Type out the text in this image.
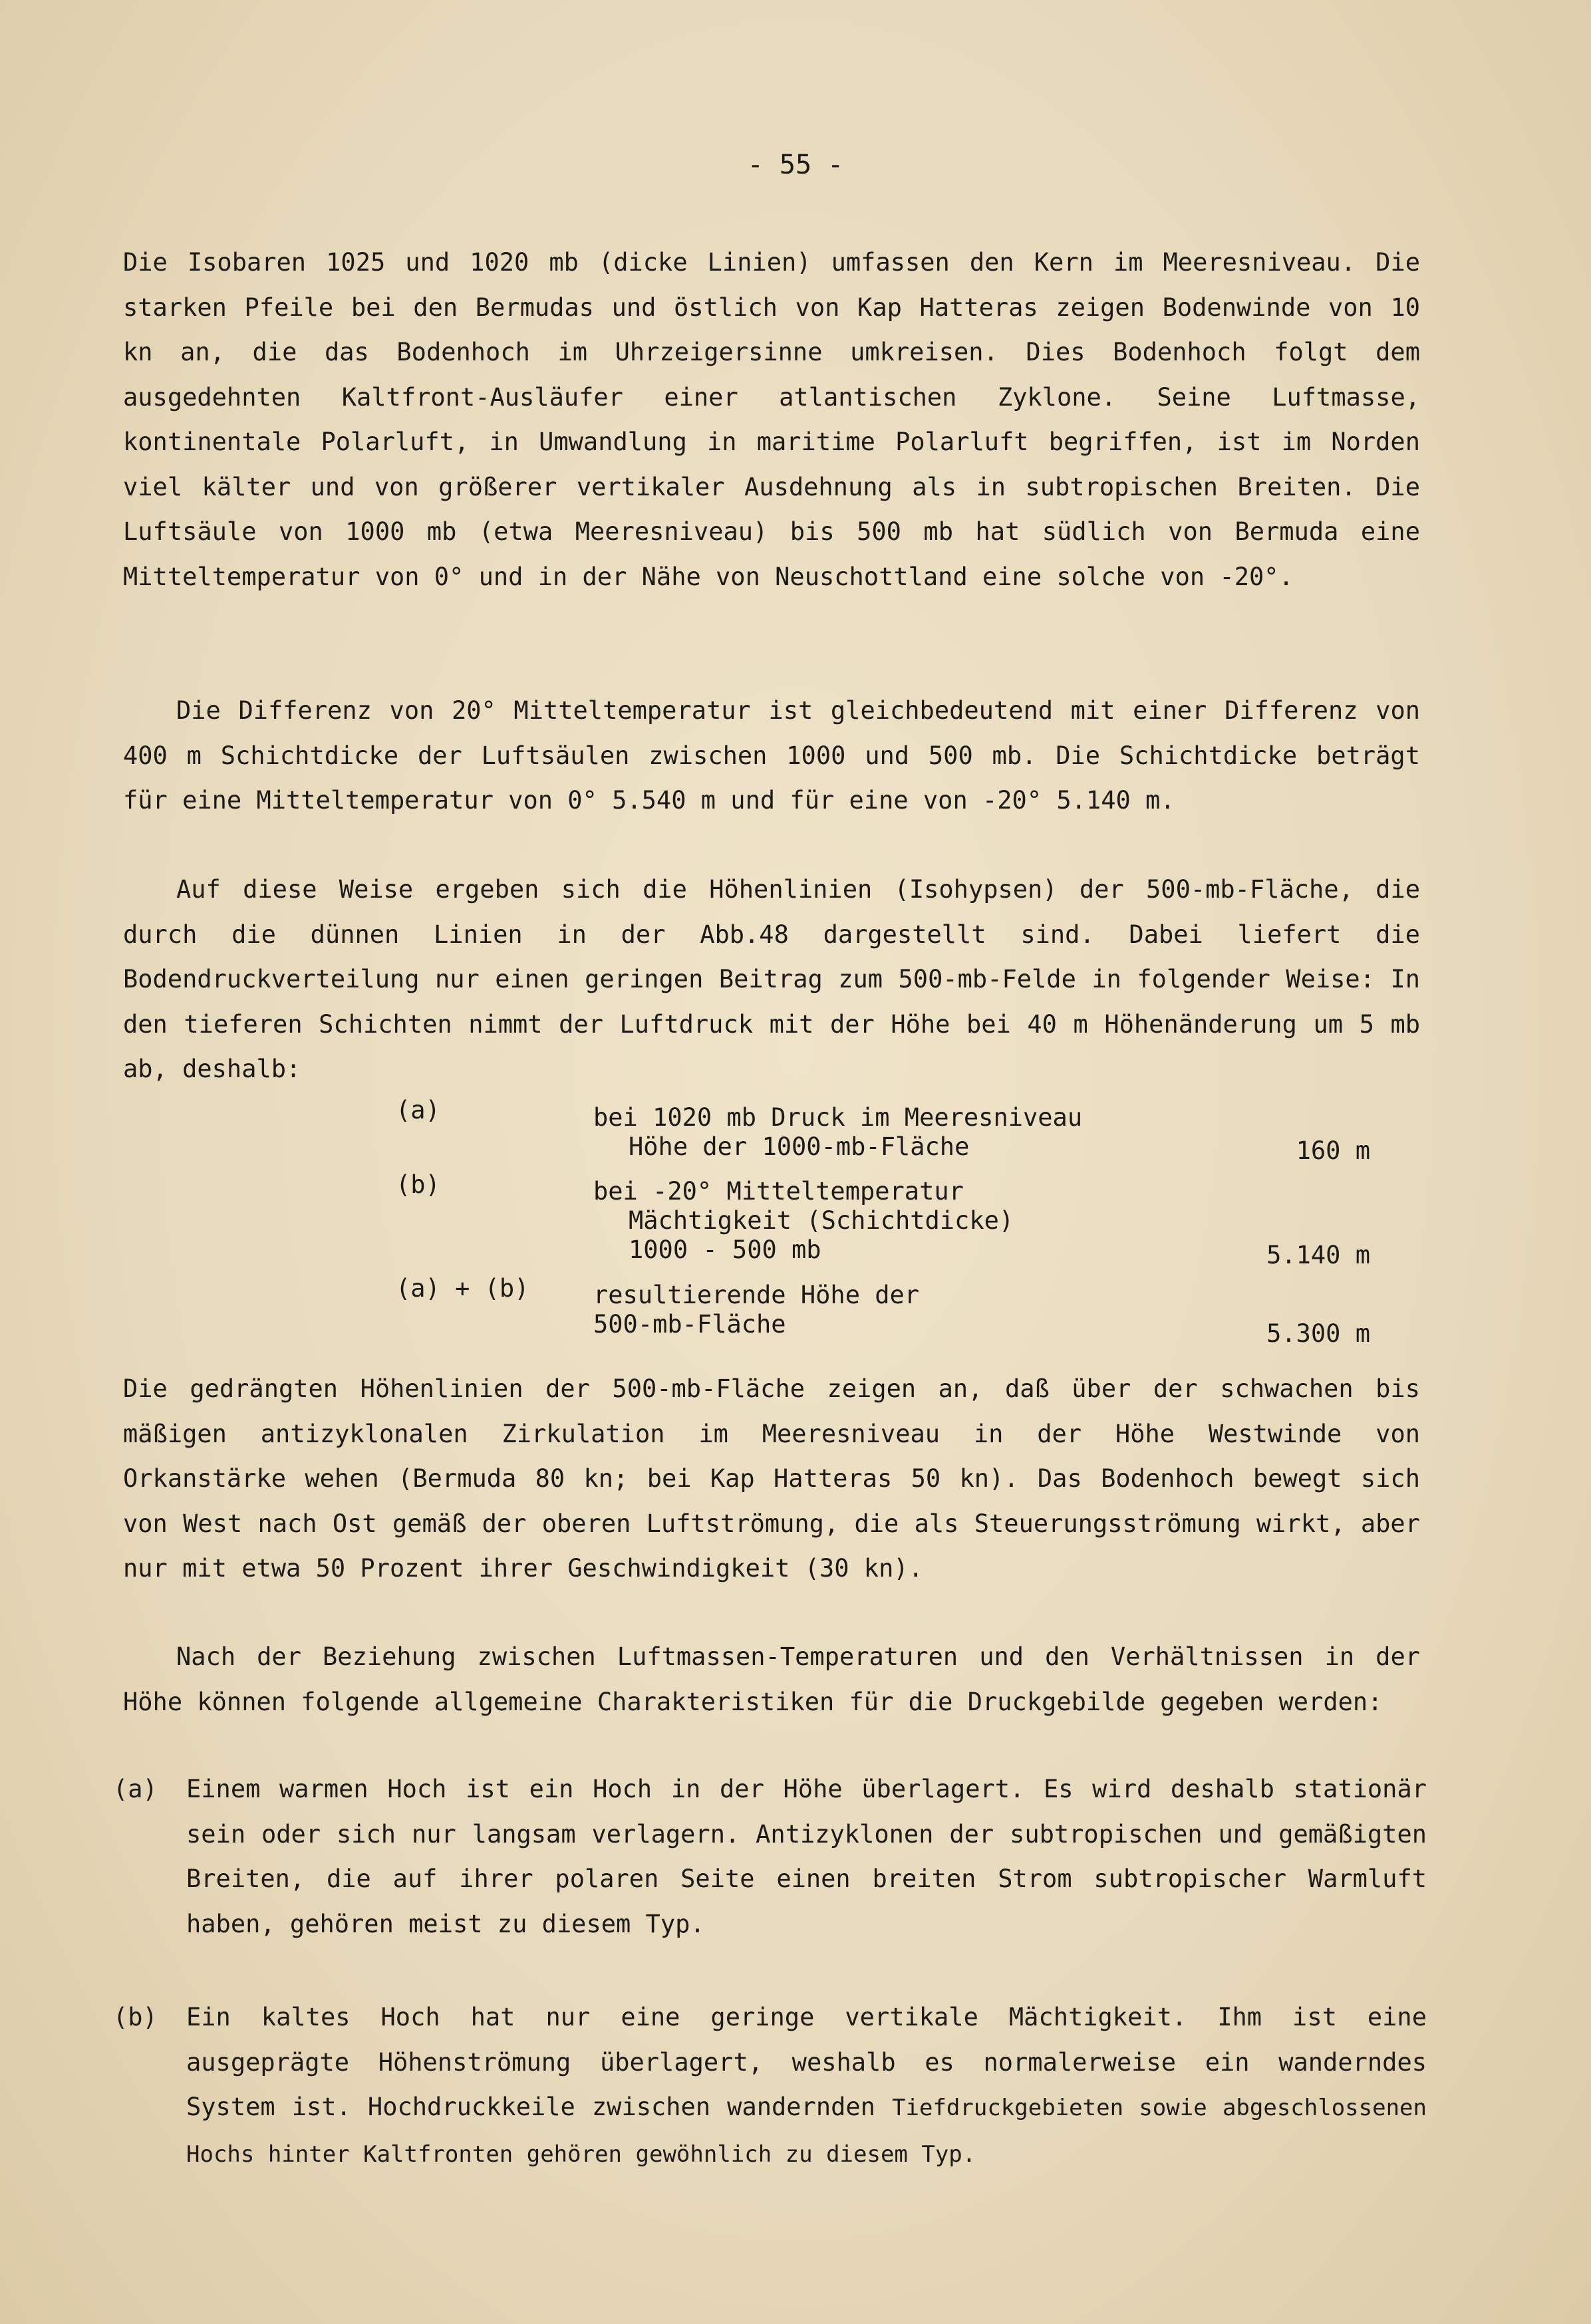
- 55 -
Die Isobaren 1025 und 1020 mb (dicke Linien) umfassen den Kern im Meeresniveau. Die starken Pfeile bei den Bermudas und östlich von Kap Hatteras zeigen Bodenwinde von 10 kn an, die das Bodenhoch im Uhrzeigersinne umkreisen. Dies Bodenhoch folgt dem ausgedehnten Kaltfront-Ausläufer einer atlantischen Zyklone. Seine Luftmasse, kontinentale Polarluft, in Umwandlung in maritime Polarluft begriffen, ist im Norden viel kälter und von größerer vertikaler Ausdehnung als in subtropischen Breiten. Die Luftsäule von 1000 mb (etwa Meeresniveau) bis 500 mb hat südlich von Bermuda eine Mitteltemperatur von 0° und in der Nähe von Neuschottland eine solche von -20°.
Die Differenz von 20° Mitteltemperatur ist gleichbedeutend mit einer Differenz von 400 m Schichtdicke der Luftsäulen zwischen 1000 und 500 mb. Die Schichtdicke beträgt für eine Mitteltemperatur von 0° 5.540 m und für eine von -20° 5.140 m.
Auf diese Weise ergeben sich die Höhenlinien (Isohypsen) der 500-mb-Fläche, die durch die dünnen Linien in der Abb.48 dargestellt sind. Dabei liefert die Bodendruckverteilung nur einen geringen Beitrag zum 500-mb-Felde in folgender Weise: In den tieferen Schichten nimmt der Luftdruck mit der Höhe bei 40 m Höhenänderung um 5 mb ab, deshalb:
(a)	bei 1020 mb Druck im Meeresniveau
Höhe der 1000-mb-Fläche	160 m
(b)	bei -20° Mitteltemperatur
Mächtigkeit (Schichtdicke)
1000 - 500 mb	5.140 m
(a) + (b)	resultierende Höhe der
500-mb-Fläche	5.300 m
Die gedrängten Höhenlinien der 500-mb-Fläche zeigen an, daß über der schwachen bis mäßigen antizyklonalen Zirkulation im Meeresniveau in der Höhe Westwinde von Orkanstärke wehen (Bermuda 80 kn; bei Kap Hatteras 50 kn). Das Bodenhoch bewegt sich von West nach Ost gemäß der oberen Luftströmung, die als Steuerungsströmung wirkt, aber nur mit etwa 50 Prozent ihrer Geschwindigkeit (30 kn).
Nach der Beziehung zwischen Luftmassen-Temperaturen und den Verhältnissen in der Höhe können folgende allgemeine Charakteristiken für die Druckgebilde gegeben werden:
(a) Einem warmen Hoch ist ein Hoch in der Höhe überlagert. Es wird deshalb stationär sein oder sich nur langsam verlagern. Antizyklonen der subtropischen und gemäßigten Breiten, die auf ihrer polaren Seite einen breiten Strom subtropischer Warmluft haben, gehören meist zu diesem Typ.
(b) Ein kaltes Hoch hat nur eine geringe vertikale Mächtigkeit. Ihm ist eine ausgeprägte Höhenströmung überlagert, weshalb es normalerweise ein wanderndes System ist. Hochdruckkeile zwischen wandernden Tiefdruckgebieten sowie abgeschlossenen Hochs hinter Kaltfronten gehören gewöhnlich zu diesem Typ.
